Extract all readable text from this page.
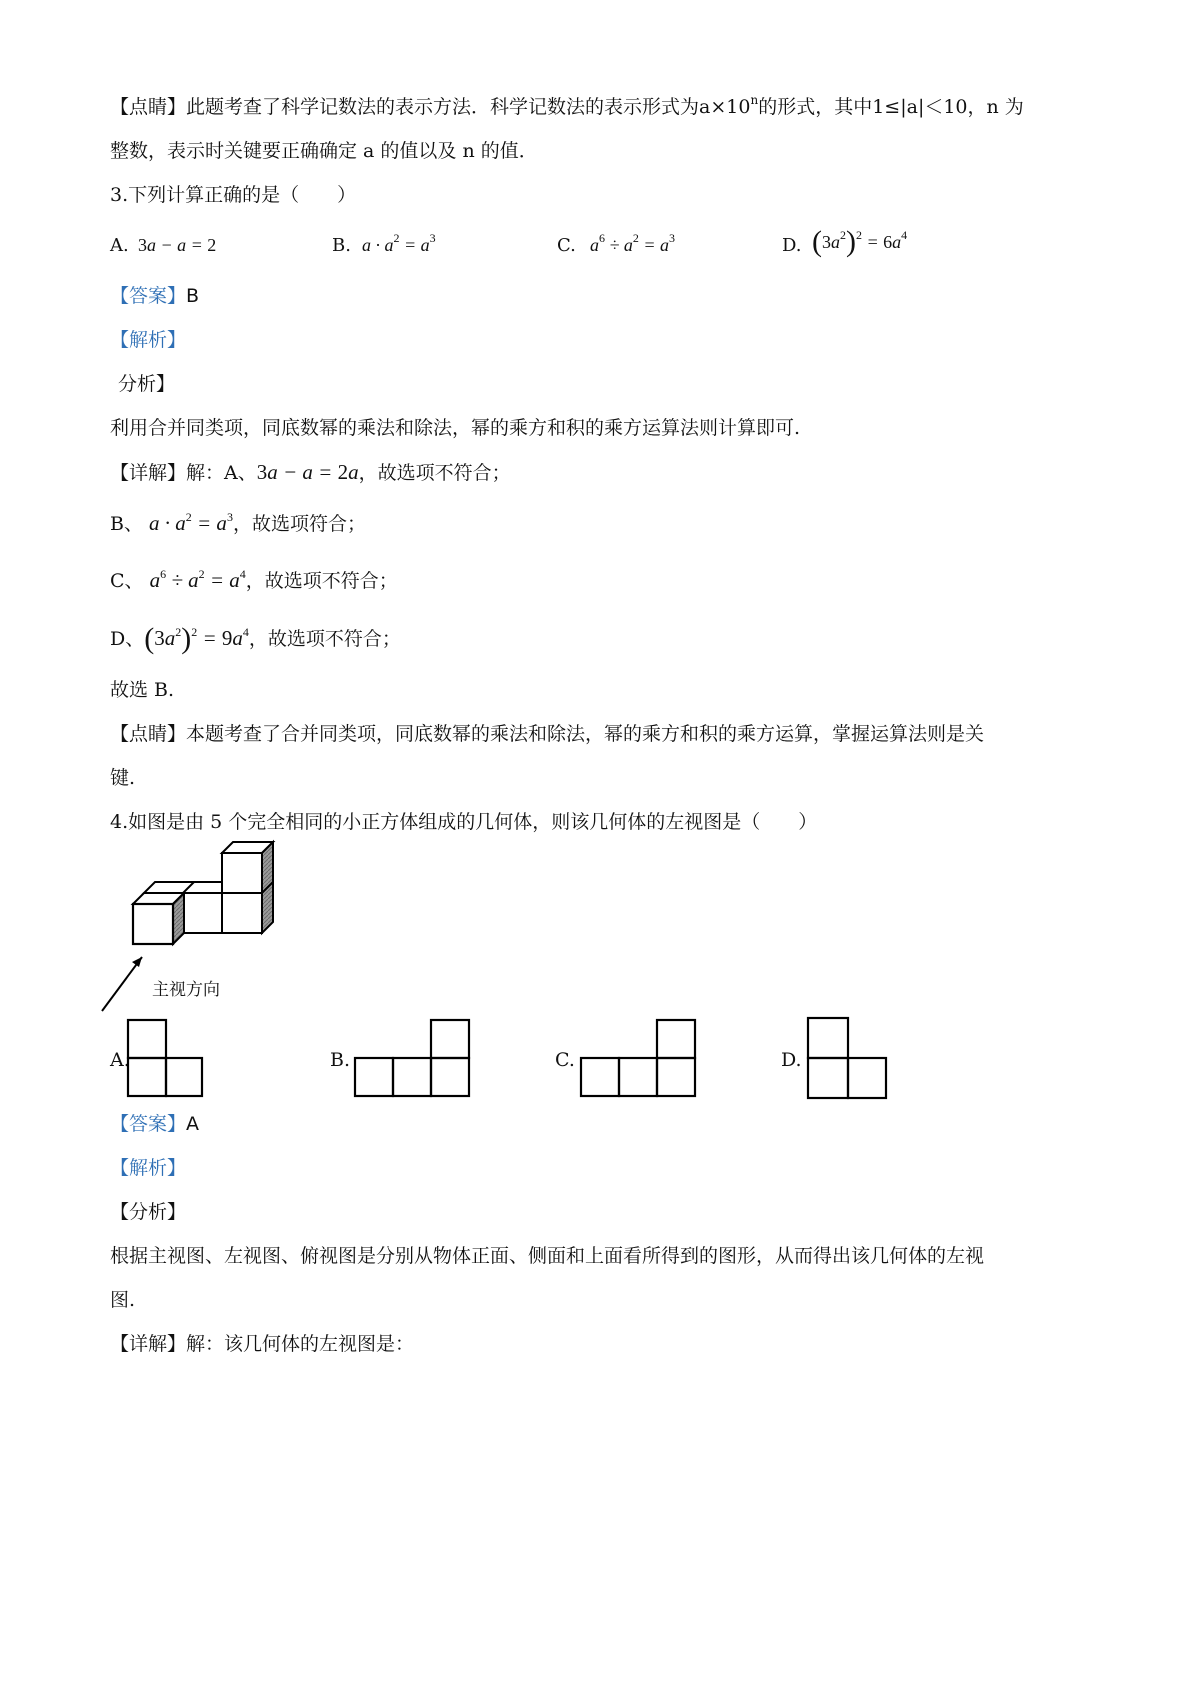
【点睛】此题考查了科学记数法的表示方法．科学记数法的表示形式为$a\times 10^n$的形式，其中1≤|a|＜10，n 为
整数，表示时关键要正确确定 a 的值以及 n 的值．
3.下列计算正确的是（　　）
A. 3a − a = 2	B. $a \cdot a^2 = a^3$	C. $a^6 \div a^2 = a^3$	D. $(3a^2)^2 = 6a^4$
【答案】B
【解析】
分析】
利用合并同类项，同底数幂的乘法和除法，幂的乘方和积的乘方运算法则计算即可.
【详解】解：A、3a − a = 2a，故选项不符合；
B、 $a \cdot a^2 = a^3$，故选项符合；
C、 $a^6 \div a^2 = a^4$，故选项不符合；
D、$(3a^2)^2 = 9a^4$，故选项不符合；
故选 B.
【点睛】本题考查了合并同类项，同底数幂的乘法和除法，幂的乘方和积的乘方运算，掌握运算法则是关
键.
4.如图是由 5 个完全相同的小正方体组成的几何体，则该几何体的左视图是（　　）
主视方向
A.	B.	C.	D.
【答案】A
【解析】
【分析】
根据主视图、左视图、俯视图是分别从物体正面、侧面和上面看所得到的图形，从而得出该几何体的左视
图.
【详解】解：该几何体的左视图是：
